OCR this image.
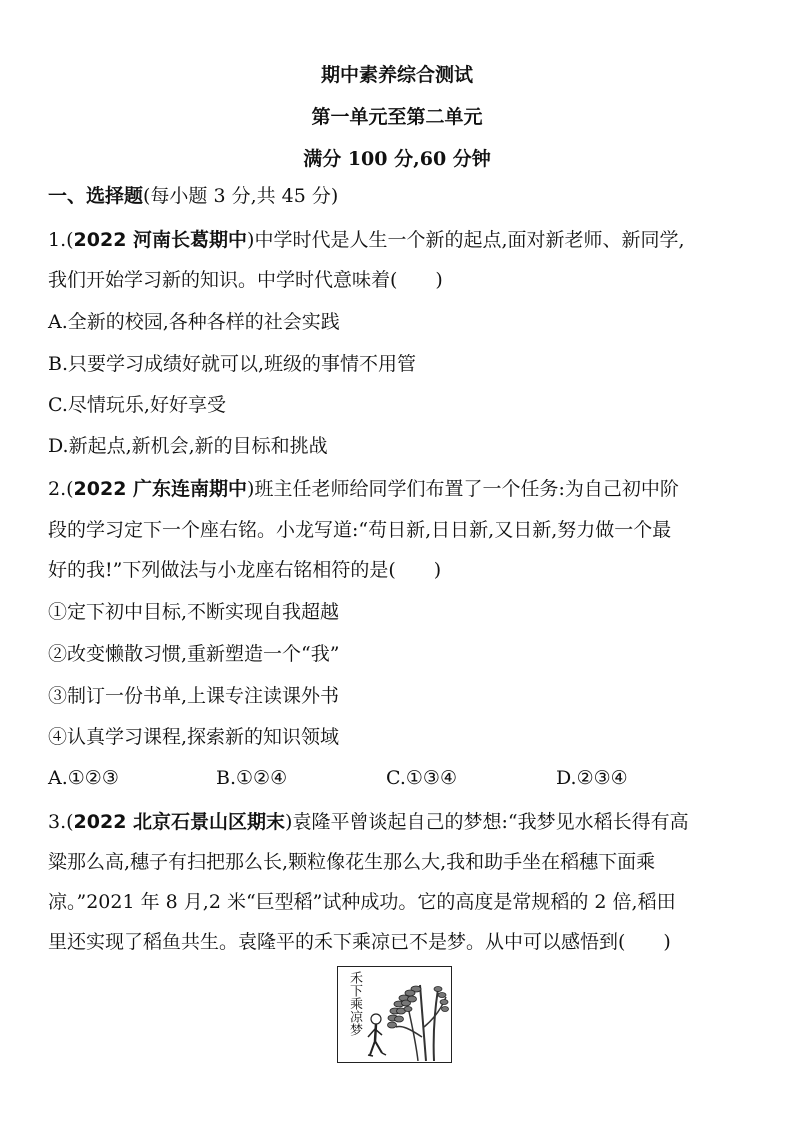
期中素养综合测试
第一单元至第二单元
满分 100 分,60 分钟
一、选择题(每小题 3 分,共 45 分)
1.(2022 河南长葛期中)中学时代是人生一个新的起点,面对新老师、新同学,
我们开始学习新的知识。中学时代意味着(　　)
A.全新的校园,各种各样的社会实践
B.只要学习成绩好就可以,班级的事情不用管
C.尽情玩乐,好好享受
D.新起点,新机会,新的目标和挑战
2.(2022 广东连南期中)班主任老师给同学们布置了一个任务:为自己初中阶
段的学习定下一个座右铭。小龙写道:“苟日新,日日新,又日新,努力做一个最
好的我!”下列做法与小龙座右铭相符的是(　　)
①定下初中目标,不断实现自我超越
②改变懒散习惯,重新塑造一个“我”
③制订一份书单,上课专注读课外书
④认真学习课程,探索新的知识领域
A.①②③	B.①②④	C.①③④	D.②③④
3.(2022 北京石景山区期末)袁隆平曾谈起自己的梦想:“我梦见水稻长得有高
粱那么高,穗子有扫把那么长,颗粒像花生那么大,我和助手坐在稻穗下面乘
凉。”2021 年 8 月,2 米“巨型稻”试种成功。它的高度是常规稻的 2 倍,稻田
里还实现了稻鱼共生。袁隆平的禾下乘凉已不是梦。从中可以感悟到(　　)
禾下乘凉梦
